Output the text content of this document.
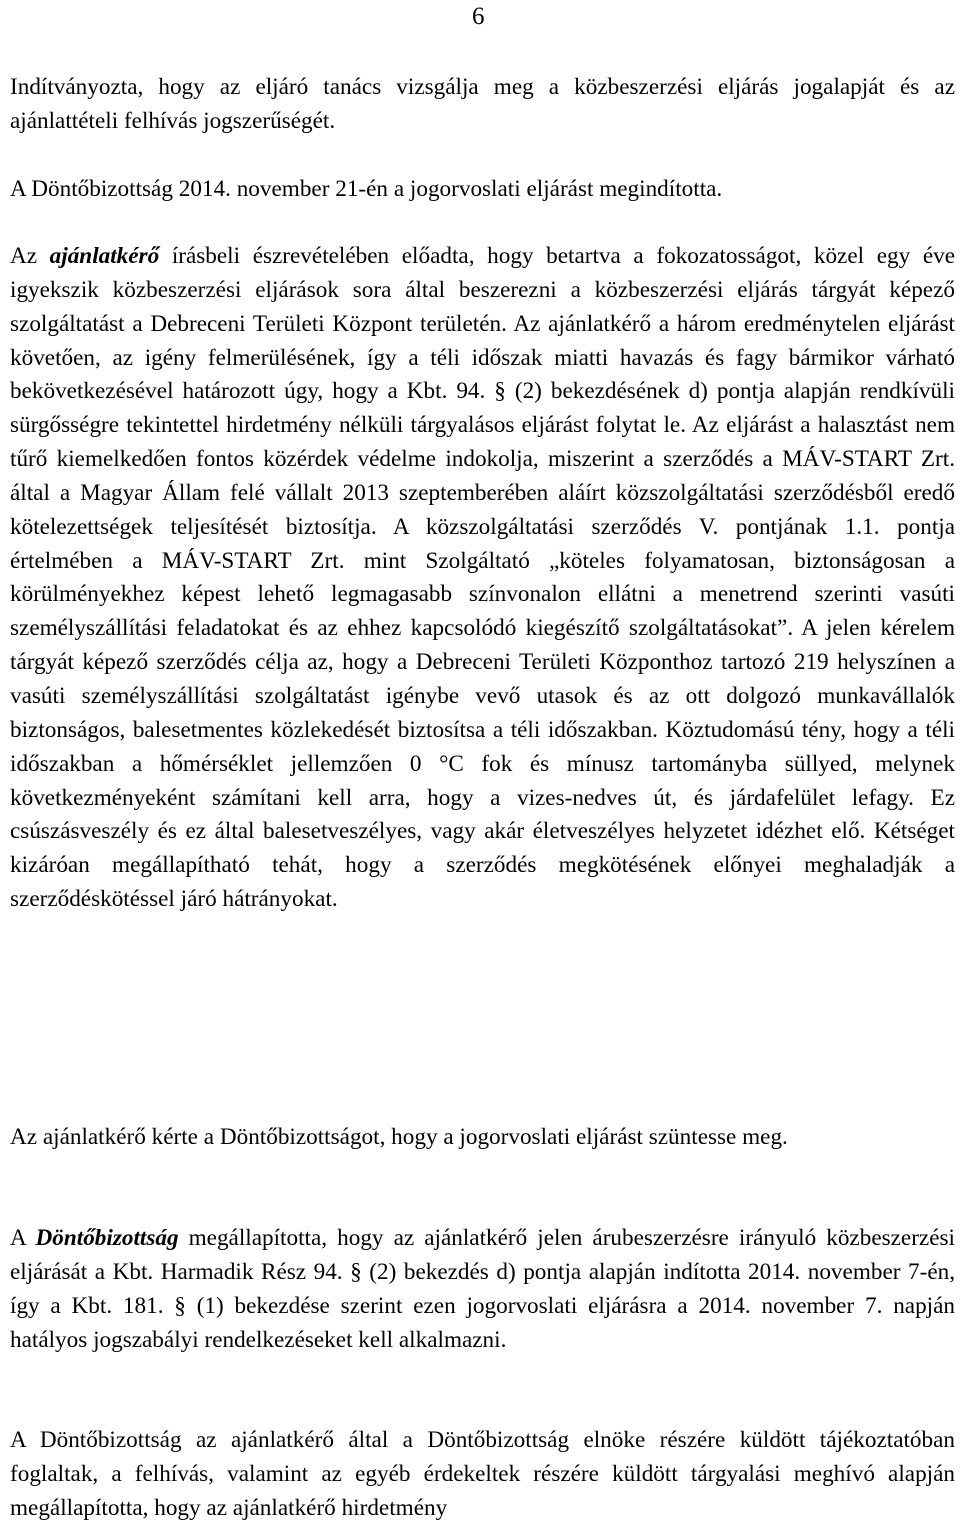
6

Indítványozta, hogy az eljáró tanács vizsgálja meg a közbeszerzési eljárás jogalapját és az ajánlattételi felhívás jogszerűségét.

A Döntőbizottság 2014. november 21-én a jogorvoslati eljárást megindította.

Az ajánlatkérő írásbeli észrevételében előadta, hogy betartva a fokozatosságot, közel egy éve igyekszik közbeszerzési eljárások sora által beszerezni a közbeszerzési eljárás tárgyát képező szolgáltatást a Debreceni Területi Központ területén. Az ajánlatkérő a három eredménytelen eljárást követően, az igény felmerülésének, így a téli időszak miatti havazás és fagy bármikor várható bekövetkezésével határozott úgy, hogy a Kbt. 94. § (2) bekezdésének d) pontja alapján rendkívüli sürgősségre tekintettel hirdetmény nélküli tárgyalásos eljárást folytat le. Az eljárást a halasztást nem tűrő kiemelkedően fontos közérdek védelme indokolja, miszerint a szerződés a MÁV-START Zrt. által a Magyar Állam felé vállalt 2013 szeptemberében aláírt közszolgáltatási szerződésből eredő kötelezettségek teljesítését biztosítja. A közszolgáltatási szerződés V. pontjának 1.1. pontja értelmében a MÁV-START Zrt. mint Szolgáltató „köteles folyamatosan, biztonságosan a körülményekhez képest lehető legmagasabb színvonalon ellátni a menetrend szerinti vasúti személyszállítási feladatokat és az ehhez kapcsolódó kiegészítő szolgáltatásokat”. A jelen kérelem tárgyát képező szerződés célja az, hogy a Debreceni Területi Központhoz tartozó 219 helyszínen a vasúti személyszállítási szolgáltatást igénybe vevő utasok és az ott dolgozó munkavállalók biztonságos, balesetmentes közlekedését biztosítsa a téli időszakban. Köztudomású tény, hogy a téli időszakban a hőmérséklet jellemzően 0 °C fok és mínusz tartományba süllyed, melynek következményeként számítani kell arra, hogy a vizes-nedves út, és járdafelület lefagy. Ez csúszásveszély és ez által balesetveszélyes, vagy akár életveszélyes helyzetet idézhet elő. Kétséget kizáróan megállapítható tehát, hogy a szerződés megkötésének előnyei meghaladják a szerződéskötéssel járó hátrányokat.

Az ajánlatkérő kérte a Döntőbizottságot, hogy a jogorvoslati eljárást szüntesse meg.

A Döntőbizottság megállapította, hogy az ajánlatkérő jelen árubeszerzésre irányuló közbeszerzési eljárását a Kbt. Harmadik Rész 94. § (2) bekezdés d) pontja alapján indította 2014. november 7-én, így a Kbt. 181. § (1) bekezdése szerint ezen jogorvoslati eljárásra a 2014. november 7. napján hatályos jogszabályi rendelkezéseket kell alkalmazni.

A Döntőbizottság az ajánlatkérő által a Döntőbizottság elnöke részére küldött tájékoztatóban foglaltak, a felhívás, valamint az egyéb érdekeltek részére küldött tárgyalási meghívó alapján megállapította, hogy az ajánlatkérő hirdetmény
